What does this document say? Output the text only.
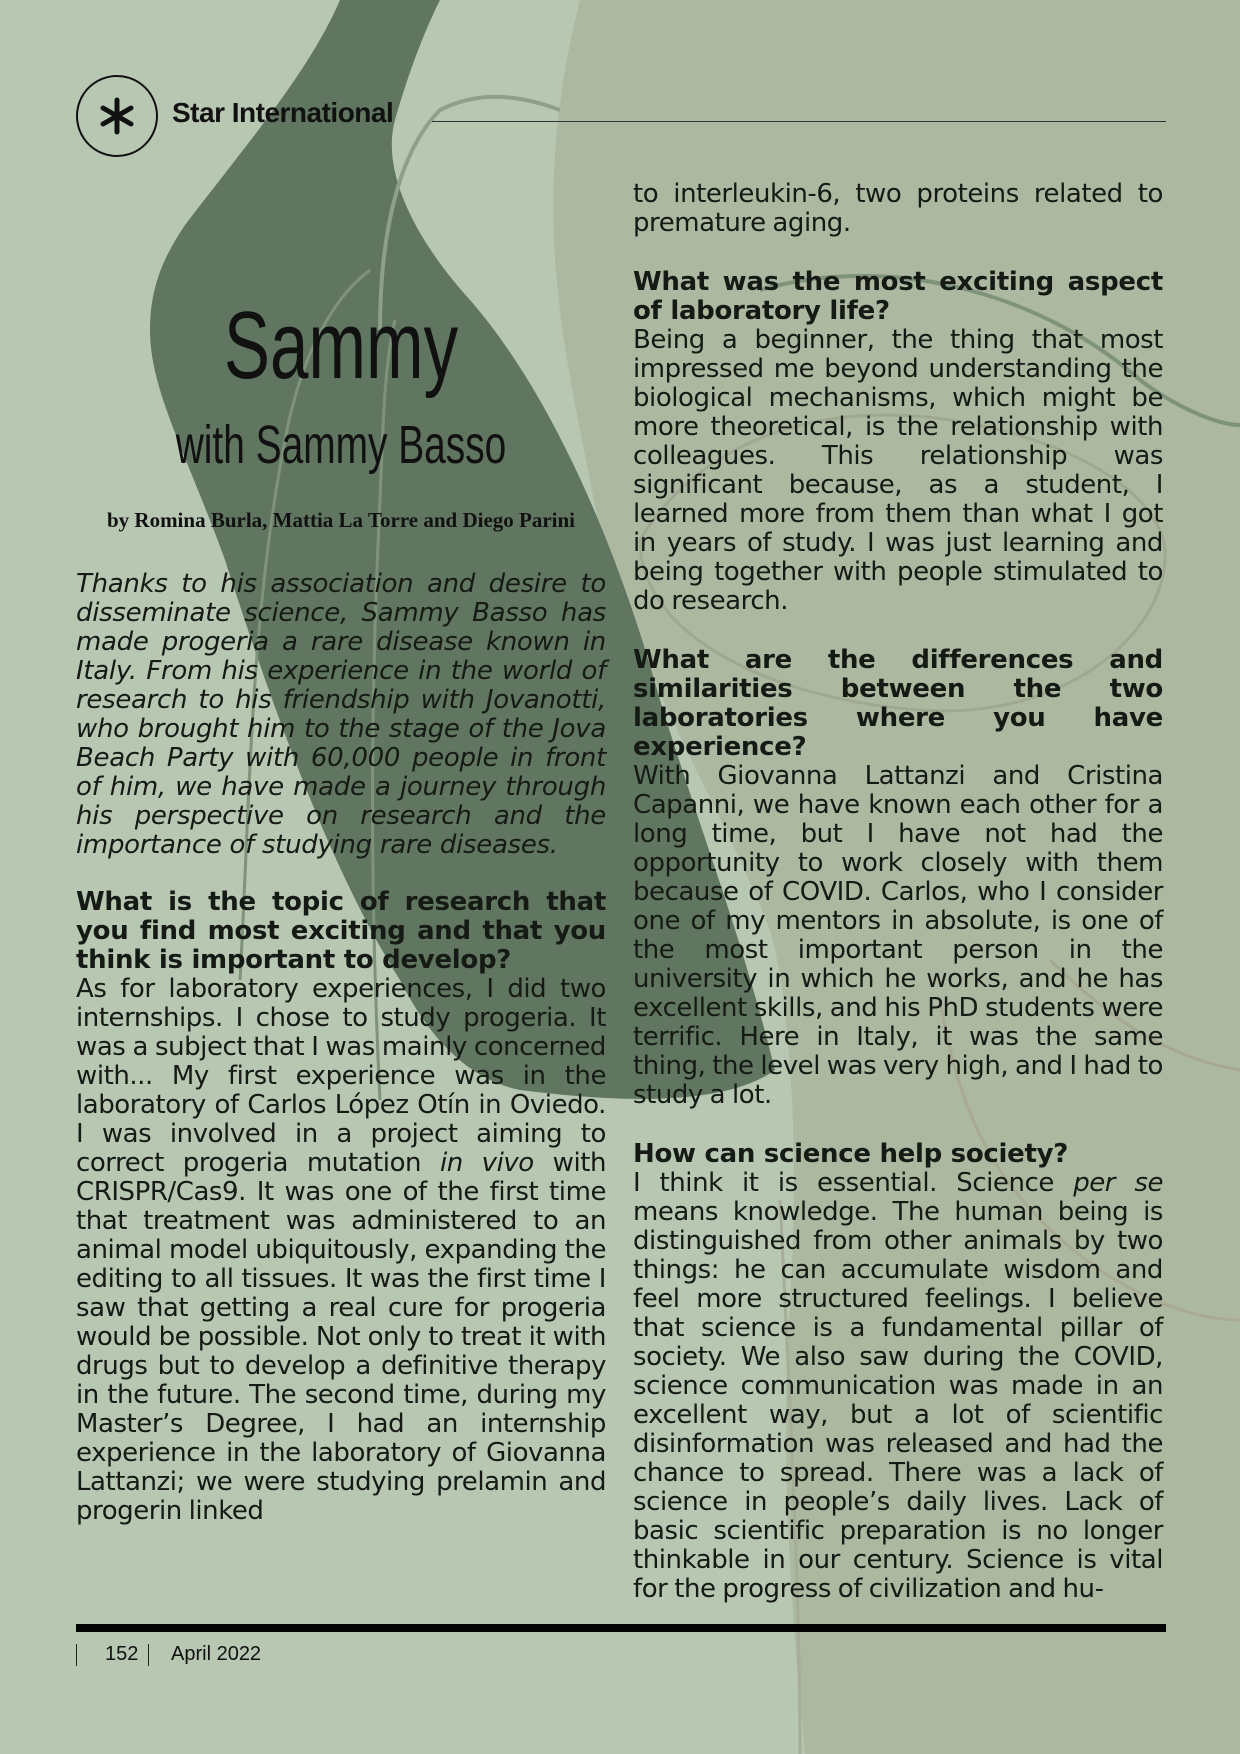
Star International
Sammy
with Sammy Basso
by Romina Burla, Mattia La Torre and Diego Parini

Thanks to his association and desire to disseminate science, Sammy Basso has made progeria a rare disease known in Italy. From his experience in the world of research to his friendship with Jovanotti, who brought him to the stage of the Jova Beach Party with 60,000 people in front of him, we have made a journey through his perspective on research and the importance of studying rare diseases.

What is the topic of research that you find most exciting and that you think is important to develop?

As for laboratory experiences, I did two internships. I chose to study progeria. It was a subject that I was mainly concerned with... My first experience was in the laboratory of Carlos López Otín in Oviedo. I was involved in a project aiming to correct progeria mutation in vivo with CRISPR/Cas9. It was one of the first time that treatment was administered to an animal model ubiquitously, expanding the editing to all tissues. It was the first time I saw that getting a real cure for progeria would be possible. Not only to treat it with drugs but to develop a definitive therapy in the future. The second time, during my Master’s Degree, I had an internship experience in the laboratory of Giovanna Lattanzi; we were studying prelamin and progerin linked

to interleukin-6, two proteins related to premature aging.

What was the most exciting aspect of laboratory life?

Being a beginner, the thing that most impressed me beyond understanding the biological mechanisms, which might be more theoretical, is the relationship with colleagues. This relationship was significant because, as a student, I learned more from them than what I got in years of study. I was just learning and being together with people stimulated to do research.

What are the differences and similarities between the two laboratories where you have experience?

With Giovanna Lattanzi and Cristina Capanni, we have known each other for a long time, but I have not had the opportunity to work closely with them because of COVID. Carlos, who I consider one of my mentors in absolute, is one of the most important person in the university in which he works, and he has excellent skills, and his PhD students were terrific. Here in Italy, it was the same thing, the level was very high, and I had to study a lot.

How can science help society?

I think it is essential. Science per se means knowledge. The human being is distinguished from other animals by two things: he can accumulate wisdom and feel more structured feelings. I believe that science is a fundamental pillar of society. We also saw during the COVID, science communication was made in an excellent way, but a lot of scientific disinformation was released and had the chance to spread. There was a lack of science in people’s daily lives. Lack of basic scientific preparation is no longer thinkable in our century. Science is vital for the progress of civilization and hu-

152 April 2022
